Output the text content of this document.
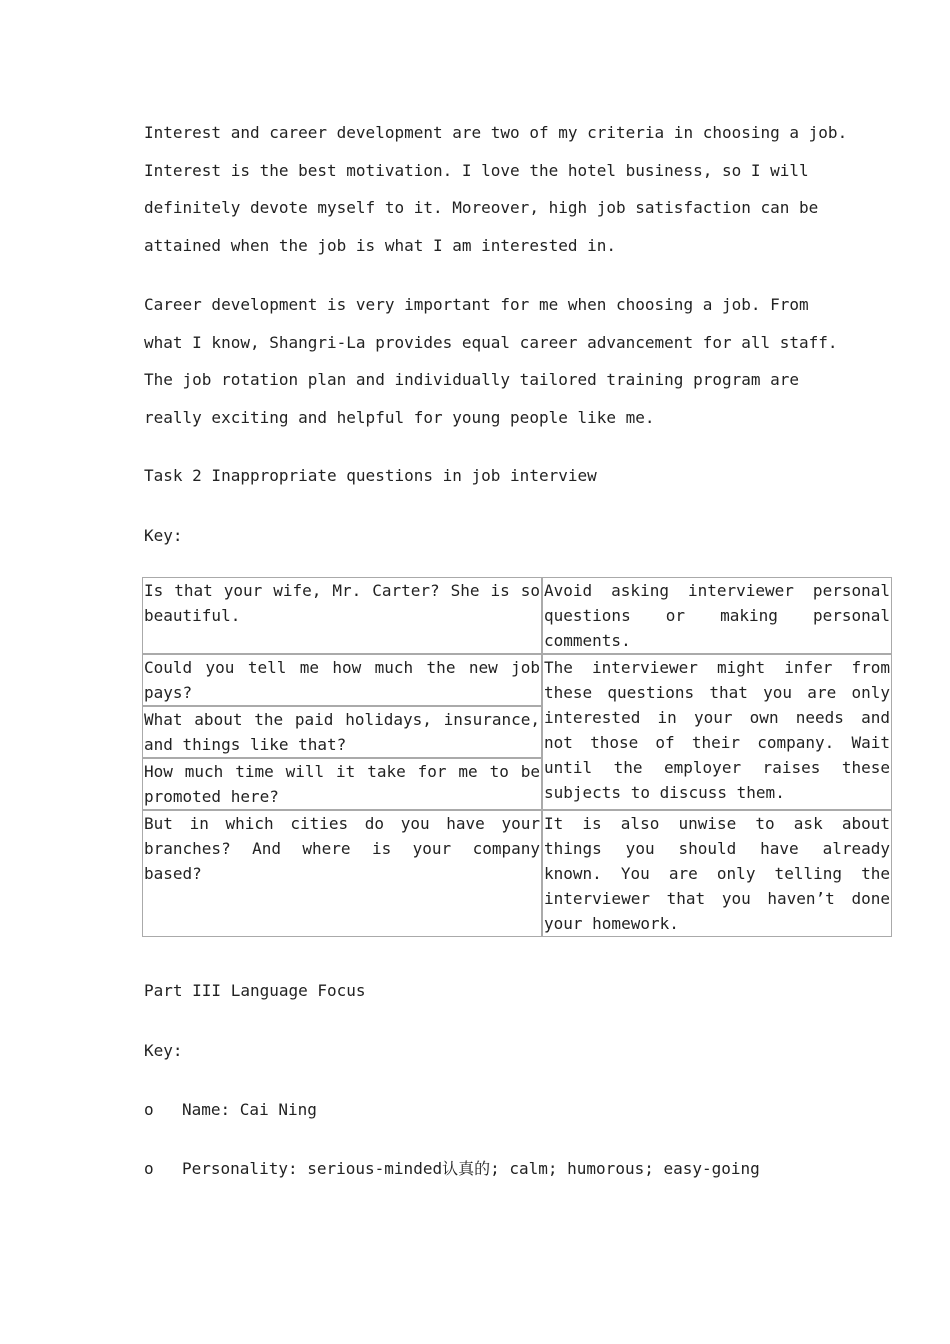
Interest and career development are two of my criteria in choosing a job.

Interest is the best motivation. I love the hotel business, so I will

definitely devote myself to it. Moreover, high job satisfaction can be

attained when the job is what I am interested in.

Career development is very important for me when choosing a job. From

what I know, Shangri-La provides equal career advancement for all staff.

The job rotation plan and individually tailored training program are

really exciting and helpful for young people like me.

Task 2 Inappropriate questions in job interview

Key:

Is that your wife, Mr. Carter? She is so beautiful.	Avoid asking interviewer personal questions or making personal comments.
Could you tell me how much the new job pays?	The interviewer might infer from these questions that you are only interested in your own needs and not those of their company. Wait until the employer raises these subjects to discuss them.
What about the paid holidays, insurance, and things like that?	
How much time will it take for me to be promoted here?	
But in which cities do you have your branches? And where is your company based?	It is also unwise to ask about things you should have already known. You are only telling the interviewer that you haven’t done your homework.

Part III Language Focus

Key:

o Name: Cai Ning

o Personality: serious-minded认真的; calm; humorous; easy-going
